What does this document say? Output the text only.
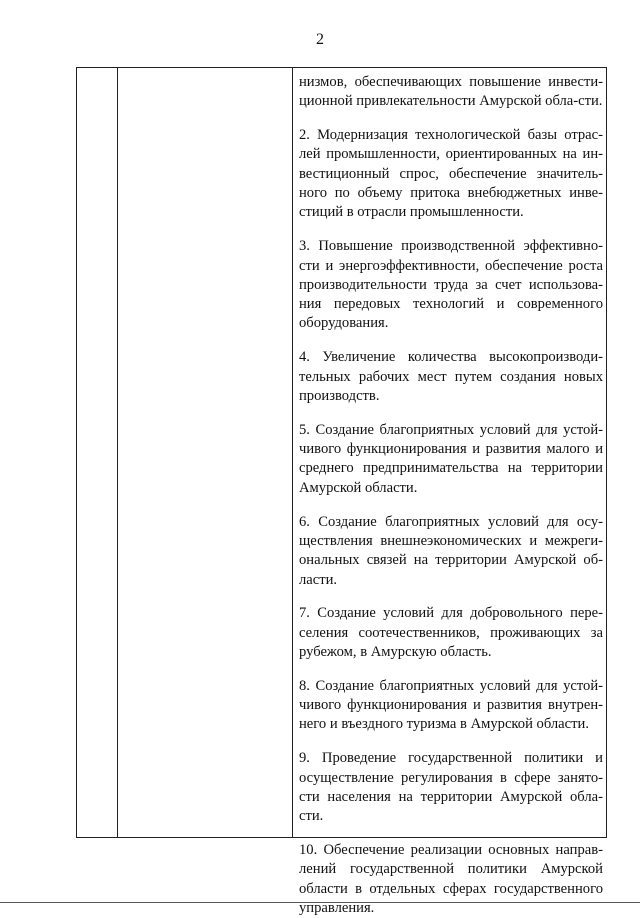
2

низмов, обеспечивающих повышение инвести-ционной привлекательности Амурской обла-сти.

2. Модернизация технологической базы отрас-лей промышленности, ориентированных на ин-вестиционный спрос, обеспечение значитель-ного по объему притока внебюджетных инве-стиций в отрасли промышленности.

3. Повышение производственной эффективно-сти и энергоэффективности, обеспечение роста производительности труда за счет использова-ния передовых технологий и современного оборудования.

4. Увеличение количества высокопроизводи-тельных рабочих мест путем создания новых производств.

5. Создание благоприятных условий для устой-чивого функционирования и развития малого и среднего предпринимательства на территории Амурской области.

6. Создание благоприятных условий для осу-ществления внешнеэкономических и межреги-ональных связей на территории Амурской об-ласти.

7. Создание условий для добровольного пере-селения соотечественников, проживающих за рубежом, в Амурскую область.

8. Создание благоприятных условий для устой-чивого функционирования и развития внутрен-него и въездного туризма в Амурской области.

9. Проведение государственной политики и осуществление регулирования в сфере занято-сти населения на территории Амурской обла-сти.

10. Обеспечение реализации основных направ-лений государственной политики Амурской области в отдельных сферах государственного управления.
